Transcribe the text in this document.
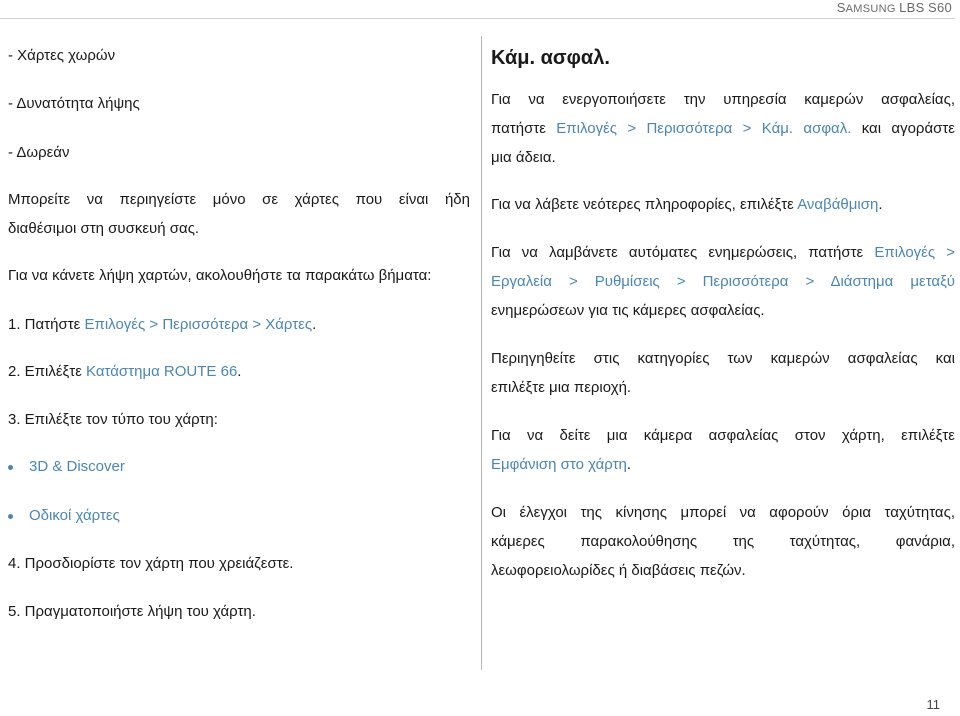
SAMSUNG LBS S60
- Χάρτες χωρών
- Δυνατότητα λήψης
- Δωρεάν
Μπορείτε να περιηγείστε μόνο σε χάρτες που είναι ήδη
διαθέσιμοι στη συσκευή σας.
Για να κάνετε λήψη χαρτών, ακολουθήστε τα παρακάτω βήματα:
1. Πατήστε Επιλογές > Περισσότερα > Χάρτες.
2. Επιλέξτε Κατάστημα ROUTE 66.
3. Επιλέξτε τον τύπο του χάρτη:
3D & Discover
Οδικοί χάρτες
4. Προσδιορίστε τον χάρτη που χρειάζεστε.
5. Πραγματοποιήστε λήψη του χάρτη.
Κάμ. ασφαλ.
Για να ενεργοποιήσετε την υπηρεσία καμερών ασφαλείας,
πατήστε Επιλογές > Περισσότερα > Κάμ. ασφαλ. και αγοράστε
μια άδεια.
Για να λάβετε νεότερες πληροφορίες, επιλέξτε Αναβάθμιση.
Για να λαμβάνετε αυτόματες ενημερώσεις, πατήστε Επιλογές >
Εργαλεία > Ρυθμίσεις > Περισσότερα > Διάστημα μεταξύ
ενημερώσεων για τις κάμερες ασφαλείας.
Περιηγηθείτε στις κατηγορίες των καμερών ασφαλείας και
επιλέξτε μια περιοχή.
Για να δείτε μια κάμερα ασφαλείας στον χάρτη, επιλέξτε
Εμφάνιση στο χάρτη.
Οι έλεγχοι της κίνησης μπορεί να αφορούν όρια ταχύτητας,
κάμερες παρακολούθησης της ταχύτητας, φανάρια,
λεωφορειολωρίδες ή διαβάσεις πεζών.
11
